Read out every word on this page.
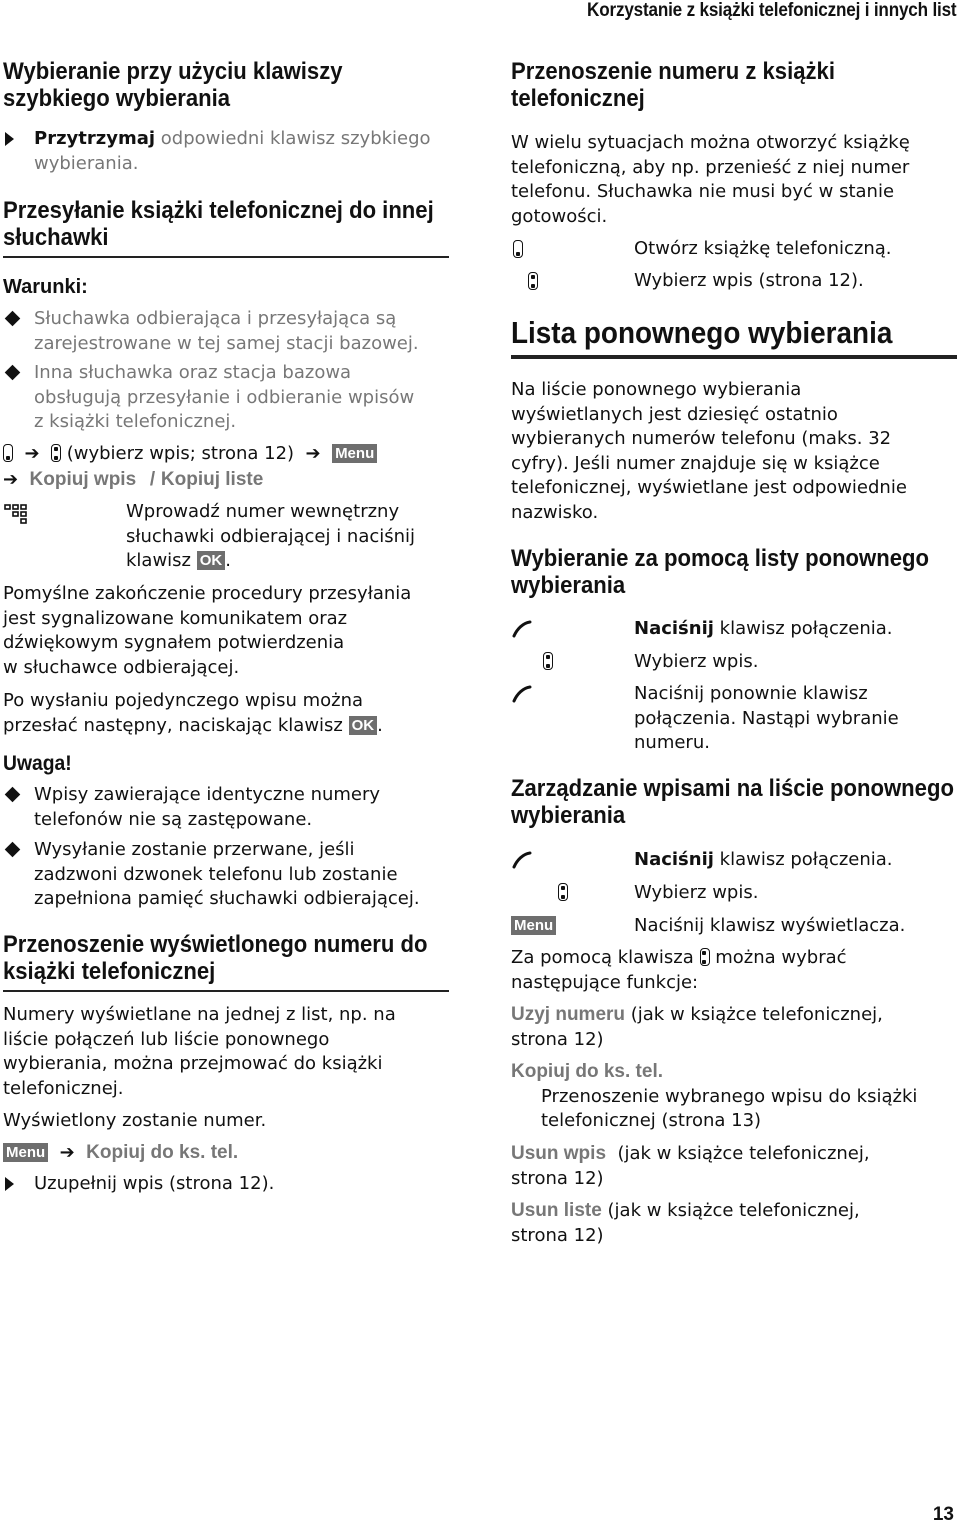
Korzystanie z książki telefonicznej i innych list
Wybieranie przy użyciu klawiszy
szybkiego wybierania
Przytrzymaj odpowiedni klawisz szybkiego
wybierania.
Przesyłanie książki telefonicznej do innej
słuchawki
Warunki:
Słuchawka odbierająca i przesyłająca są
zarejestrowane w tej samej stacji bazowej.
Inna słuchawka oraz stacja bazowa
obsługują przesyłanie i odbieranie wpisów
z książki telefonicznej.
➔
(wybierz wpis; strona 12)  ➔  Menu
➔  Kopiuj wpis / Kopiuj liste
Wprowadź numer wewnętrzny
słuchawki odbierającej i naciśnij
klawisz OK .
Pomyślne zakończenie procedury przesyłania
jest sygnalizowane komunikatem oraz
dźwiękowym sygnałem potwierdzenia
w słuchawce odbierającej.
Po wysłaniu pojedynczego wpisu można
przesłać następny, naciskając klawisz OK .
Uwaga!
Wpisy zawierające identyczne numery
telefonów nie są zastępowane.
Wysyłanie zostanie przerwane, jeśli
zadzwoni dzwonek telefonu lub zostanie
zapełniona pamięć słuchawki odbierającej.
Przenoszenie wyświetlonego numeru do
książki telefonicznej
Numery wyświetlane na jednej z list, np. na
liście połączeń lub liście ponownego
wybierania, można przejmować do książki
telefonicznej.
Wyświetlony zostanie numer.
Menu  ➔  Kopiuj do ks. tel.
Uzupełnij wpis (strona 12).
Przenoszenie numeru z książki
telefonicznej
W wielu sytuacjach można otworzyć książkę
telefoniczną, aby np. przenieść z niej numer
telefonu. Słuchawka nie musi być w stanie
gotowości.

Otwórz książkę telefoniczną.

Wybierz wpis (strona 12).
Lista ponownego wybierania
Na liście ponownego wybierania
wyświetlanych jest dziesięć ostatnio
wybieranych numerów telefonu (maks. 32
cyfry). Jeśli numer znajduje się w książce
telefonicznej, wyświetlane jest odpowiednie
nazwisko.
Wybieranie za pomocą listy ponownego
wybierania
Naciśnij klawisz połączenia.

Wybierz wpis.
Naciśnij ponownie klawisz
połączenia. Nastąpi wybranie
numeru.
Zarządzanie wpisami na liście ponownego
wybierania
Naciśnij klawisz połączenia.
Wybierz wpis.
Menu	Naciśnij klawisz wyświetlacza.
Za pomocą klawisza można wybrać
następujące funkcje:
Uzyj numeru (jak w książce telefonicznej,
strona 12)
Kopiuj do ks. tel.
Przenoszenie wybranego wpisu do książki
telefonicznej (strona 13)
Usun wpis  (jak w książce telefonicznej,
strona 12)
Usun liste (jak w książce telefonicznej,
strona 12)
13
